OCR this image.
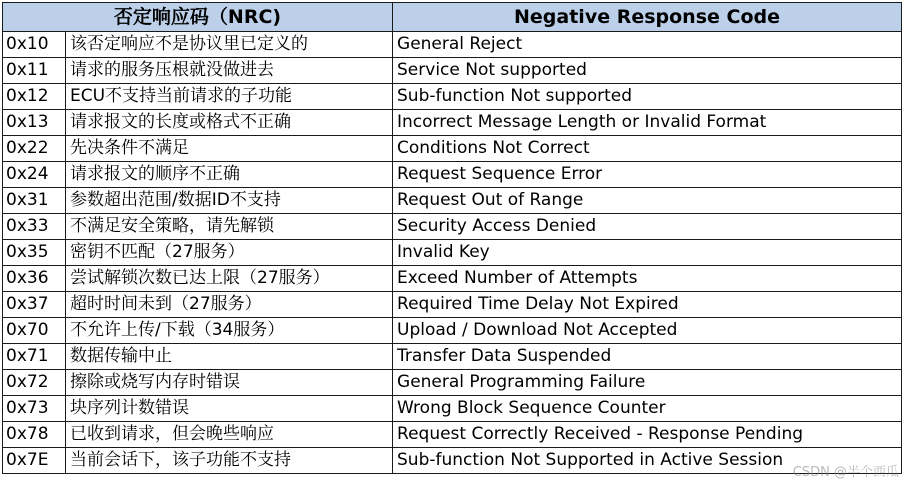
否定响应码（NRC)		Negative Response Code
0x10	该否定响应不是协议里已定义的	General Reject
0x11	请求的服务压根就没做进去	Service Not supported
0x12	ECU不支持当前请求的子功能	Sub-function Not supported
0x13	请求报文的长度或格式不正确	Incorrect Message Length or Invalid Format
0x22	先决条件不满足	Conditions Not Correct
0x24	请求报文的顺序不正确	Request Sequence Error
0x31	参数超出范围/数据ID不支持	Request Out of Range
0x33	不满足安全策略，请先解锁	Security Access Denied
0x35	密钥不匹配（27服务）	Invalid Key
0x36	尝试解锁次数已达上限（27服务）	Exceed Number of Attempts
0x37	超时时间未到（27服务）	Required Time Delay Not Expired
0x70	不允许上传/下载（34服务）	Upload / Download Not Accepted
0x71	数据传输中止	Transfer Data Suspended
0x72	擦除或烧写内存时错误	General Programming Failure
0x73	块序列计数错误	Wrong Block Sequence Counter
0x78	已收到请求，但会晚些响应	Request Correctly Received - Response Pending
0x7E	当前会话下，该子功能不支持	Sub-function Not Supported in Active Session
CSDN @半个西瓜
